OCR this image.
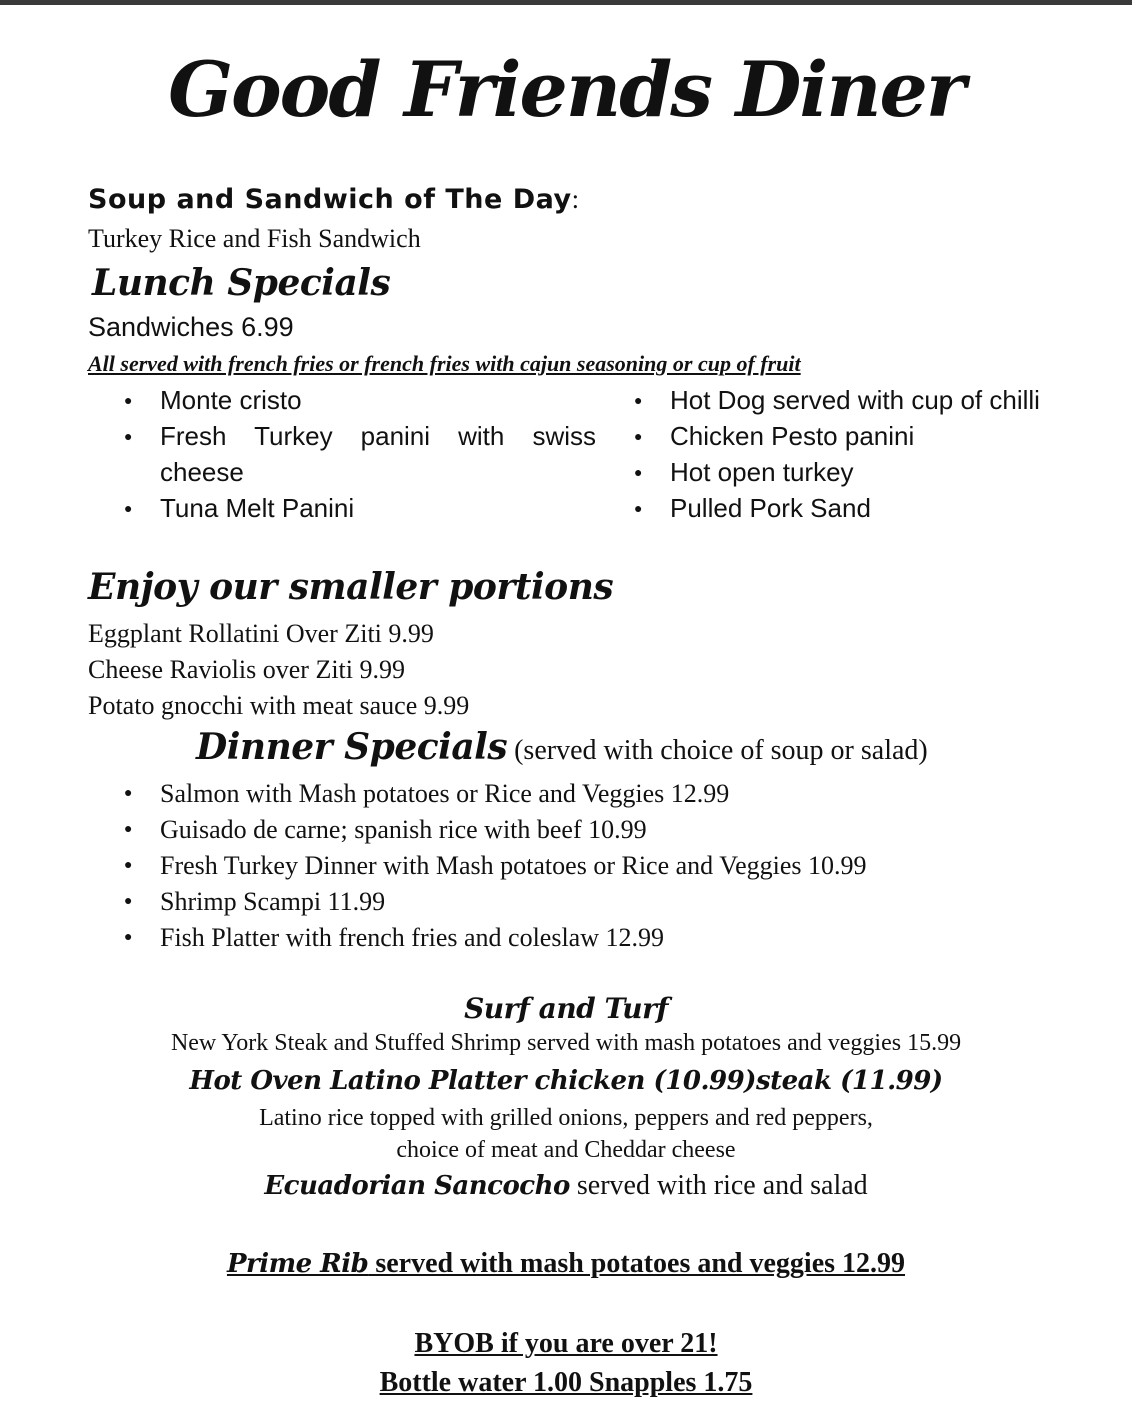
Good Friends Diner
Soup and Sandwich of The Day:
Turkey Rice and Fish Sandwich
Lunch Specials
Sandwiches 6.99
All served with french fries or french fries with cajun seasoning or cup of fruit
● Monte cristo
● Fresh Turkey panini with swiss cheese
● Tuna Melt Panini
● Hot Dog served with cup of chilli
● Chicken Pesto panini
● Hot open turkey
● Pulled Pork Sand
Enjoy our smaller portions
Eggplant Rollatini Over Ziti 9.99
Cheese Raviolis over Ziti 9.99
Potato gnocchi with meat sauce 9.99
Dinner Specials (served with choice of soup or salad)
● Salmon with Mash potatoes or Rice and Veggies 12.99
● Guisado de carne; spanish rice with beef 10.99
● Fresh Turkey Dinner with Mash potatoes or Rice and Veggies 10.99
● Shrimp Scampi 11.99
● Fish Platter with french fries and coleslaw 12.99
Surf and Turf
New York Steak and Stuffed Shrimp served with mash potatoes and veggies 15.99
Hot Oven Latino Platter chicken (10.99)steak (11.99)
Latino rice topped with grilled onions, peppers and red peppers,
choice of meat and Cheddar cheese
Ecuadorian Sancocho served with rice and salad
Prime Rib served with mash potatoes and veggies 12.99
BYOB if you are over 21!
Bottle water 1.00 Snapples 1.75
